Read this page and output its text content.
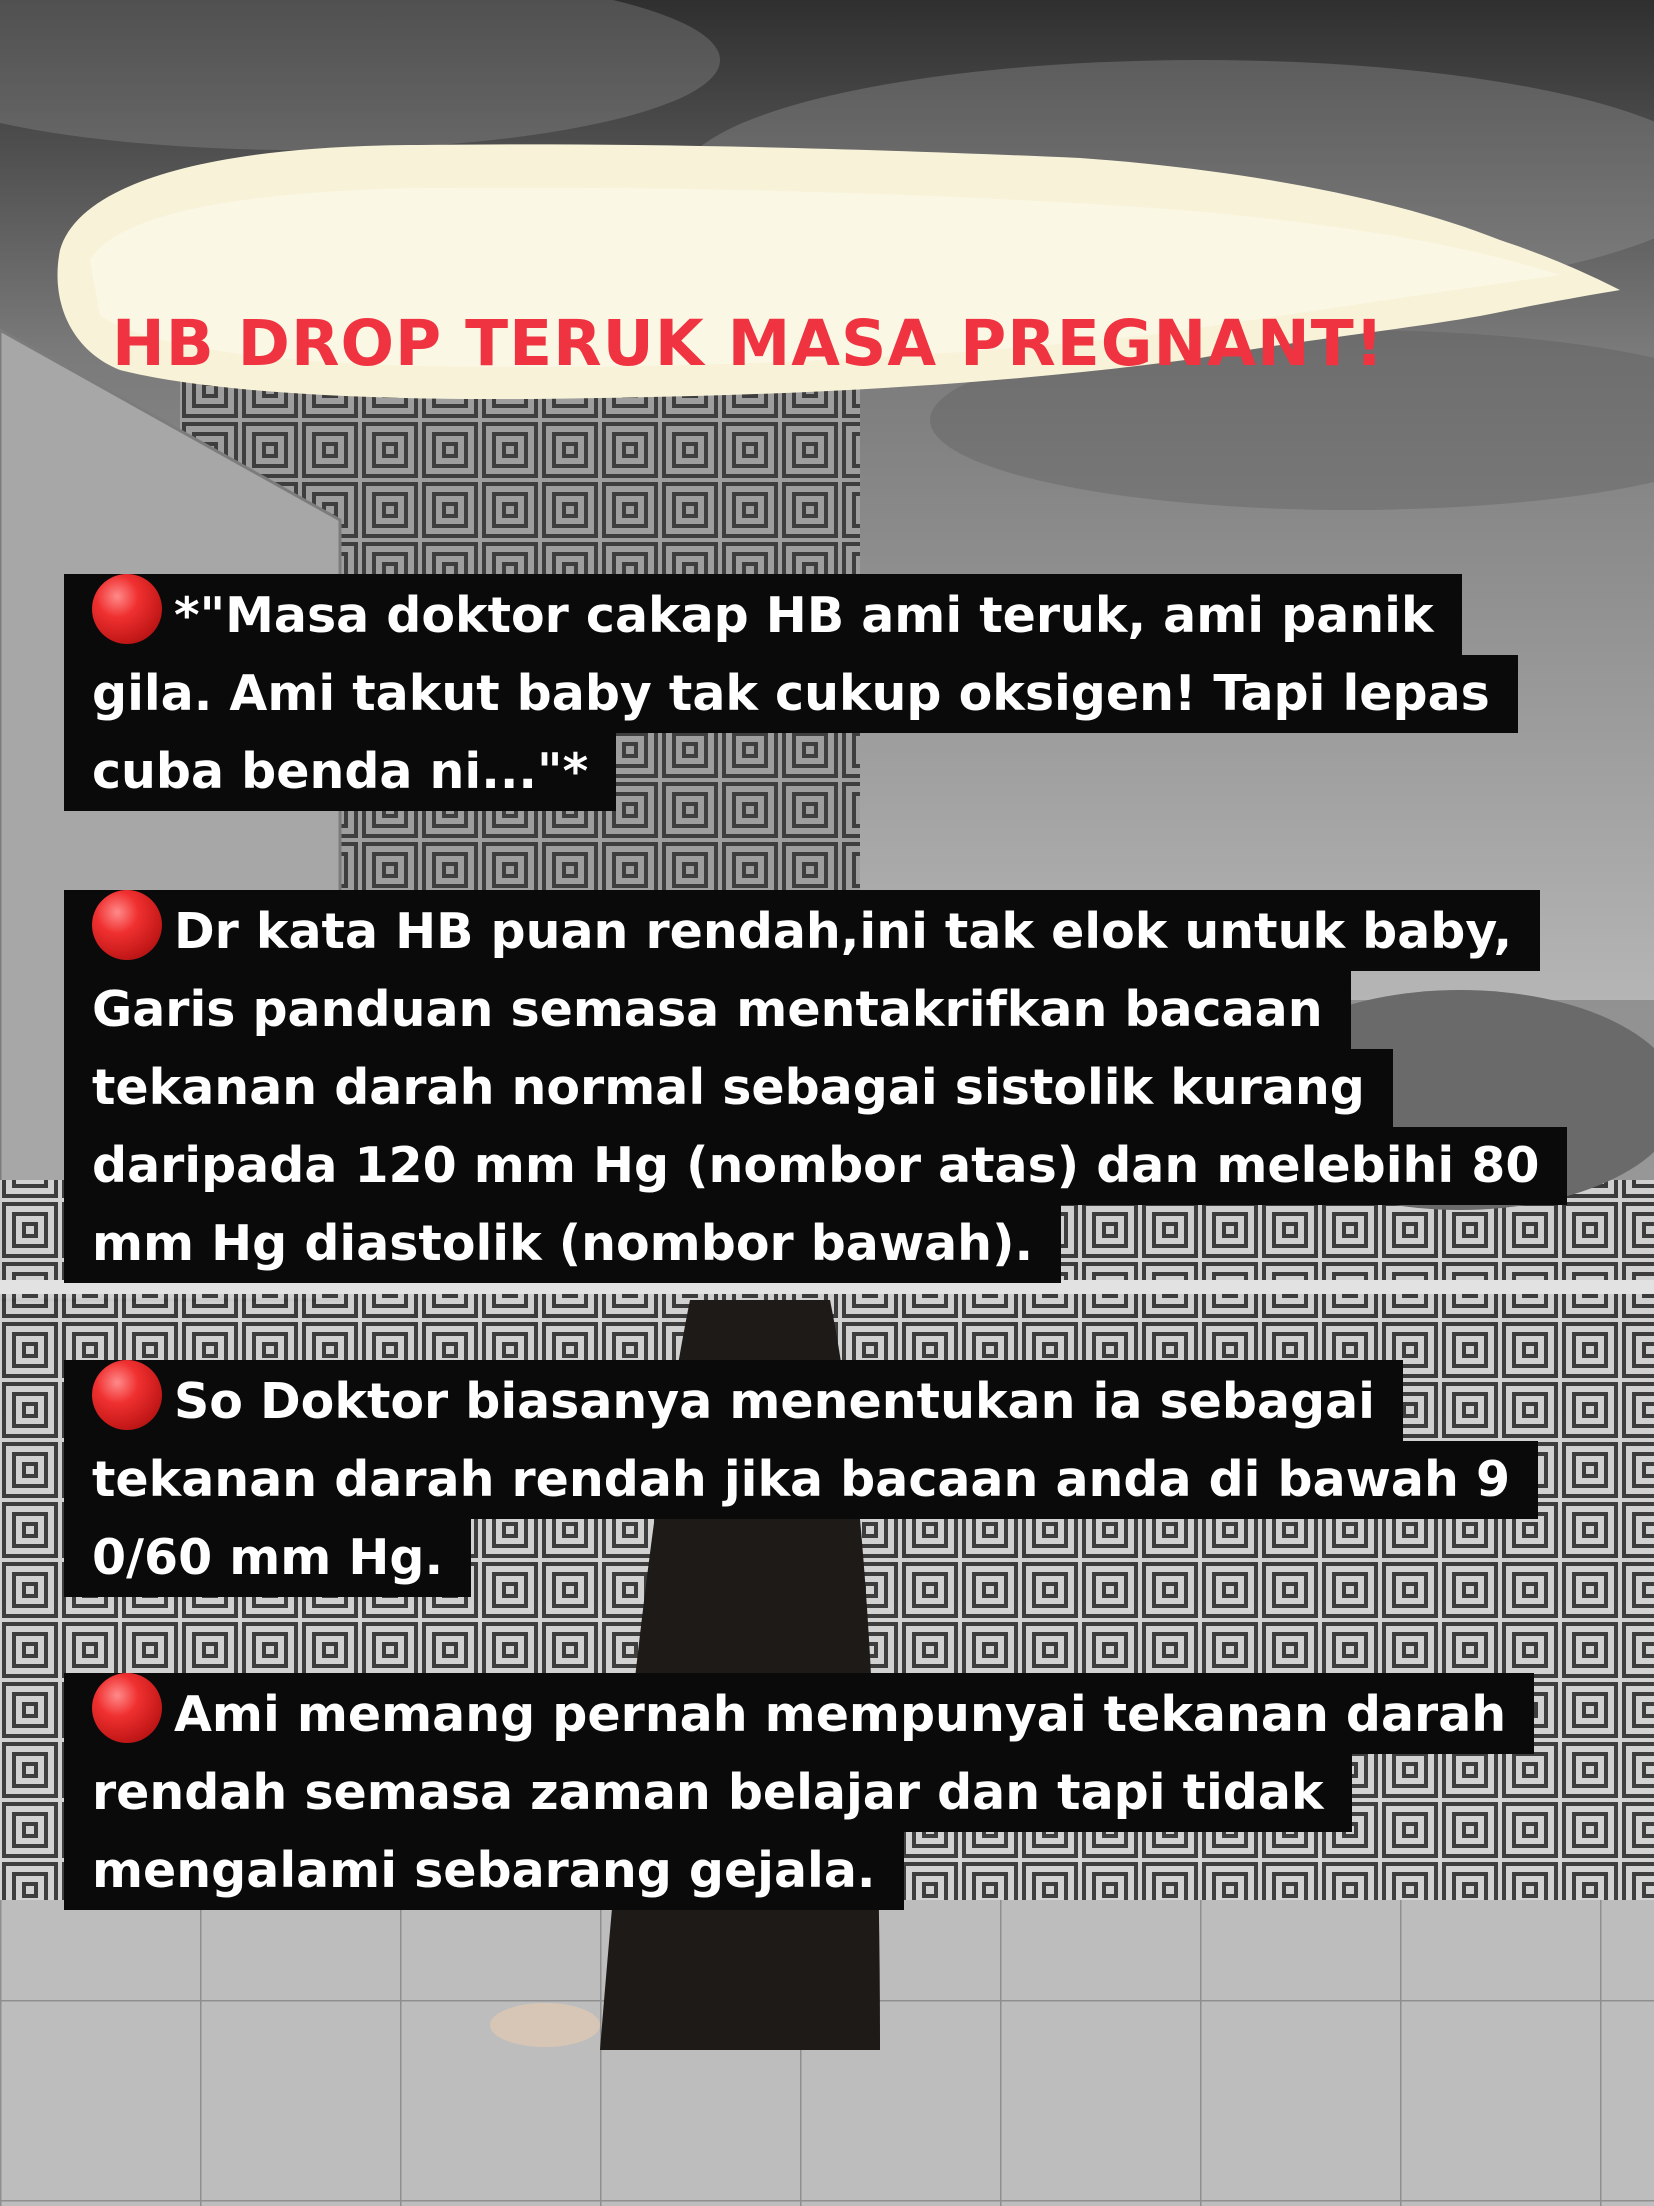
HB DROP TERUK MASA PREGNANT!
*"Masa doktor cakap HB ami teruk, ami panik
gila. Ami takut baby tak cukup oksigen! Tapi lepas
cuba benda ni..."*
Dr kata HB puan rendah,ini tak elok untuk baby,
Garis panduan semasa mentakrifkan bacaan
tekanan darah normal sebagai sistolik kurang
daripada 120 mm Hg (nombor atas) dan melebihi 80
mm Hg diastolik (nombor bawah).
So Doktor biasanya menentukan ia sebagai
tekanan darah rendah jika bacaan anda di bawah 9
0/60 mm Hg.
Ami memang pernah mempunyai tekanan darah
rendah semasa zaman belajar dan tapi tidak
mengalami sebarang gejala.
